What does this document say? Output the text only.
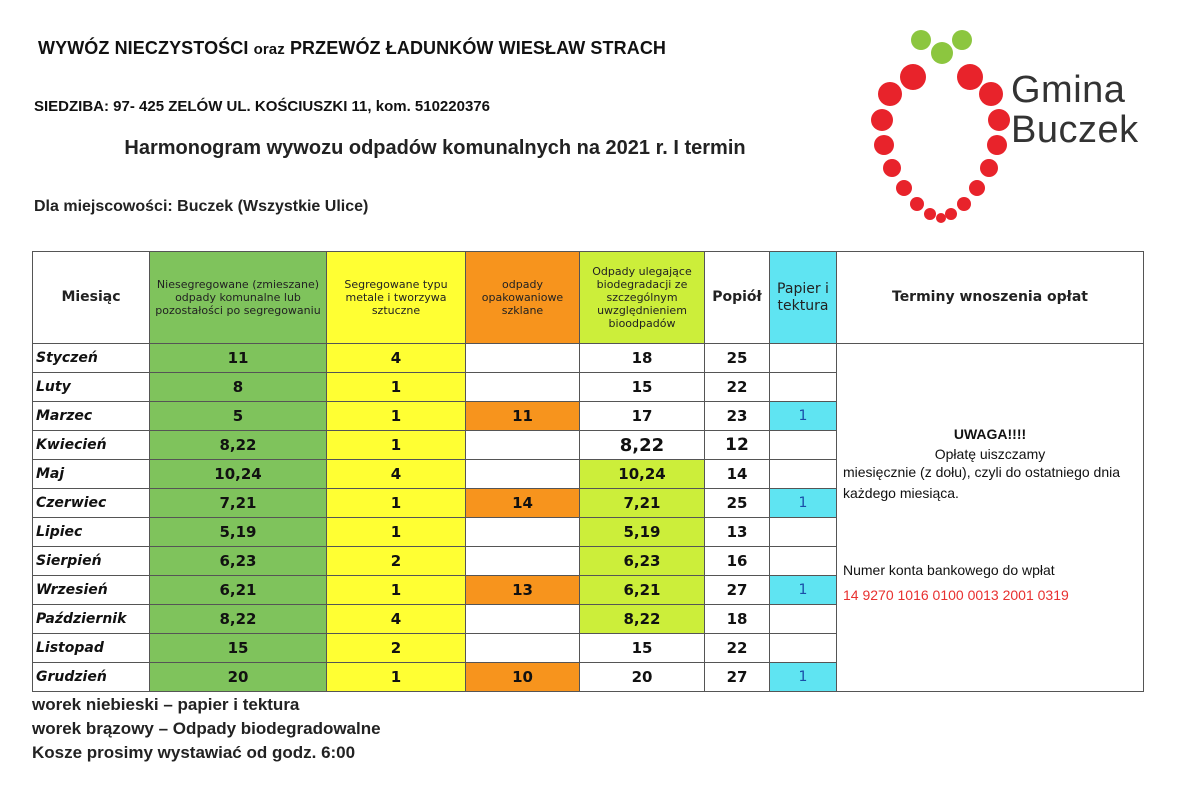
WYWÓZ NIECZYSTOŚCI oraz PRZEWÓZ ŁADUNKÓW WIESŁAW STRACH
SIEDZIBA: 97- 425 ZELÓW UL. KOŚCIUSZKI 11, kom. 510220376
Harmonogram wywozu odpadów komunalnych na 2021 r. I termin
Dla miejscowości: Buczek (Wszystkie Ulice)
Gmina
Buczek
Miesiąc	Niesegregowane (zmieszane) odpady komunalne lub pozostałości po segregowaniu	Segregowane typu metale i tworzywa sztuczne	odpady opakowaniowe szklane	Odpady ulegające biodegradacji ze szczególnym uwzględnieniem bioodpadów	Popiół	Papier i tektura	Terminy wnoszenia opłat
Styczeń	11	4		18	25		UWAGA!!!!
Opłatę uiszczamy
miesięcznie (z dołu), czyli do ostatniego dnia każdego miesiąca.
Numer konta bankowego do wpłat
14 9270 1016 0100 0013 2001 0319

Luty	8	1		15	22		
Marzec	5	1	11	17	23	1	
Kwiecień	8,22	1		8,22	12		
Maj	10,24	4		10,24	14		
Czerwiec	7,21	1	14	7,21	25	1	
Lipiec	5,19	1		5,19	13		
Sierpień	6,23	2		6,23	16		
Wrzesień	6,21	1	13	6,21	27	1	
Październik	8,22	4		8,22	18		
Listopad	15	2		15	22		
Grudzień	20	1	10	20	27	1	
worek niebieski – papier i tektura
worek brązowy – Odpady biodegradowalne
Kosze prosimy wystawiać od godz. 6:00
